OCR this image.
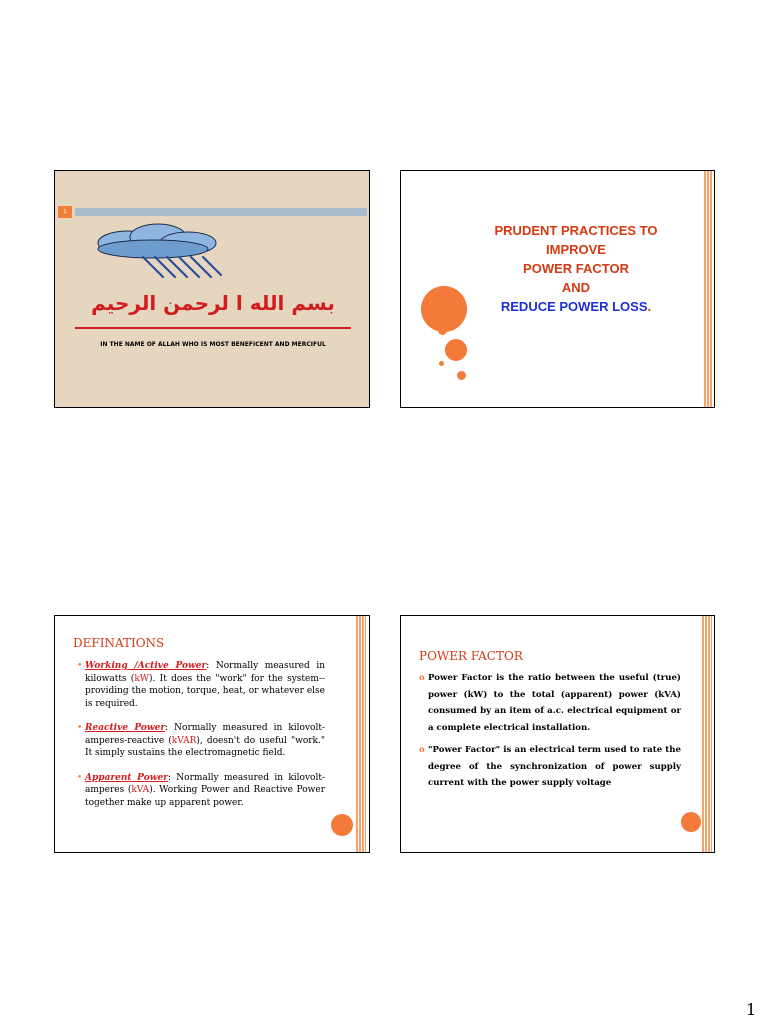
1
بسم الله ا لرحمن الرحيم
IN THE NAME OF ALLAH WHO IS MOST BENEFICENT AND MERCIFUL
PRUDENT PRACTICES TO
IMPROVE
POWER FACTOR
AND
REDUCE POWER LOSS.
DEFINATIONS
• Working /Active Power: Normally measured in kilowatts (kW). It does the "work" for the system--providing the motion, torque, heat, or whatever else is required.
• Reactive Power: Normally measured in kilovolt-amperes-reactive (kVAR), doesn't do useful "work." It simply sustains the electromagnetic field.
• Apparent Power: Normally measured in kilovolt-amperes (kVA). Working Power and Reactive Power together make up apparent power.
POWER FACTOR
o Power Factor is the ratio between the useful (true) power (kW) to the total (apparent) power (kVA) consumed by an item of a.c. electrical equipment or a complete electrical installation.
o "Power Factor" is an electrical term used to rate the degree of the synchronization of power supply current with the power supply voltage
1
